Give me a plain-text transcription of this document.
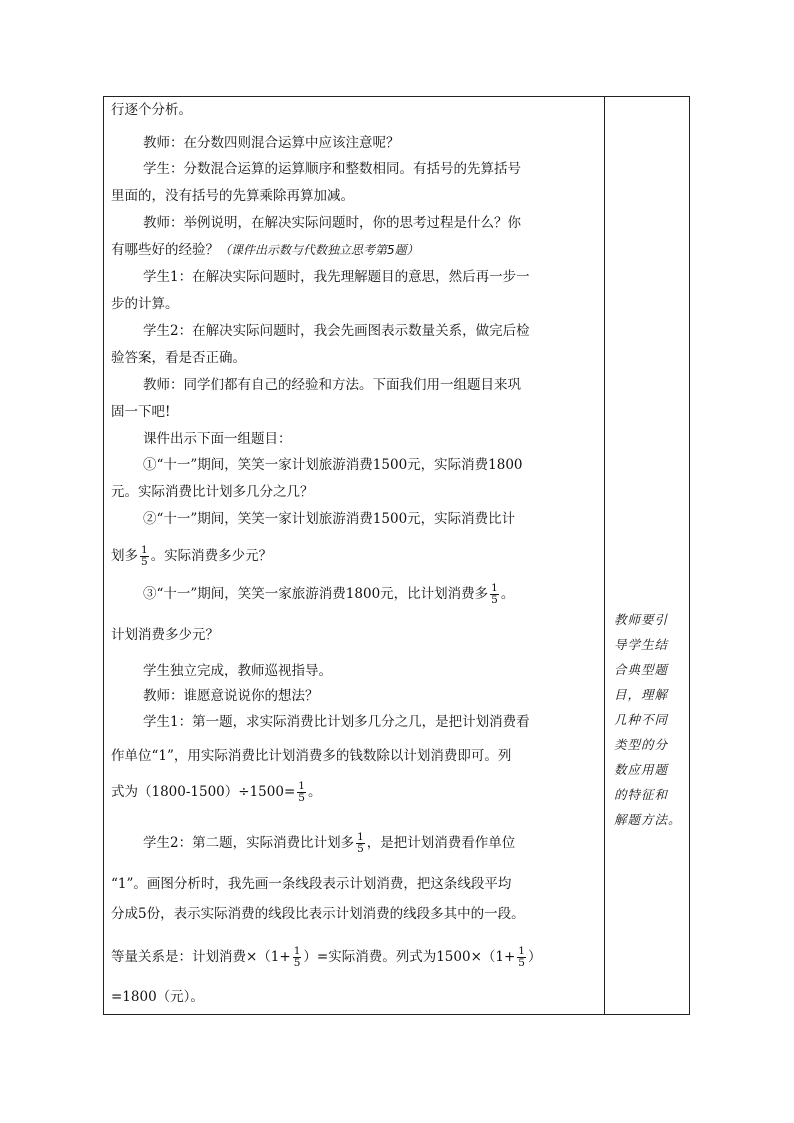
行逐个分析。
教师：在分数四则混合运算中应该注意呢？
学生：分数混合运算的运算顺序和整数相同。有括号的先算括号
里面的，没有括号的先算乘除再算加减。
教师：举例说明，在解决实际问题时，你的思考过程是什么？你
有哪些好的经验？（课件出示数与代数独立思考第5题）
学生1：在解决实际问题时，我先理解题目的意思，然后再一步一
步的计算。
学生2：在解决实际问题时，我会先画图表示数量关系，做完后检
验答案，看是否正确。
教师：同学们都有自己的经验和方法。下面我们用一组题目来巩
固一下吧!
课件出示下面一组题目：
①“十一”期间，笑笑一家计划旅游消费1500元，实际消费1800
元。实际消费比计划多几分之几？
②“十一”期间，笑笑一家计划旅游消费1500元，实际消费比计
划多 $\frac{1}{5}$ 。实际消费多少元？
③“十一”期间，笑笑一家旅游消费1800元，比计划消费多 $\frac{1}{5}$ 。
计划消费多少元？
学生独立完成，教师巡视指导。
教师：谁愿意说说你的想法？
学生1：第一题，求实际消费比计划多几分之几，是把计划消费看
作单位“1”，用实际消费比计划消费多的钱数除以计划消费即可。列
式为$(1800-1500)\div 1500= \frac{1}{5}$ 。
学生2：第二题，实际消费比计划多 $\frac{1}{5}$ ，是把计划消费看作单位
“1”。画图分析时，我先画一条线段表示计划消费，把这条线段平均
分成5份，表示实际消费的线段比表示计划消费的线段多其中的一段。
等量关系是：计划消费$\times(1+ \frac{1}{5}$ ）=实际消费。列式为$1500\times(1+ \frac{1}{5}$ ）
=1800（元）。
教师要引
导学生结
合典型题
目，理解
几种不同
类型的分
数应用题
的特征和
解题方法。
